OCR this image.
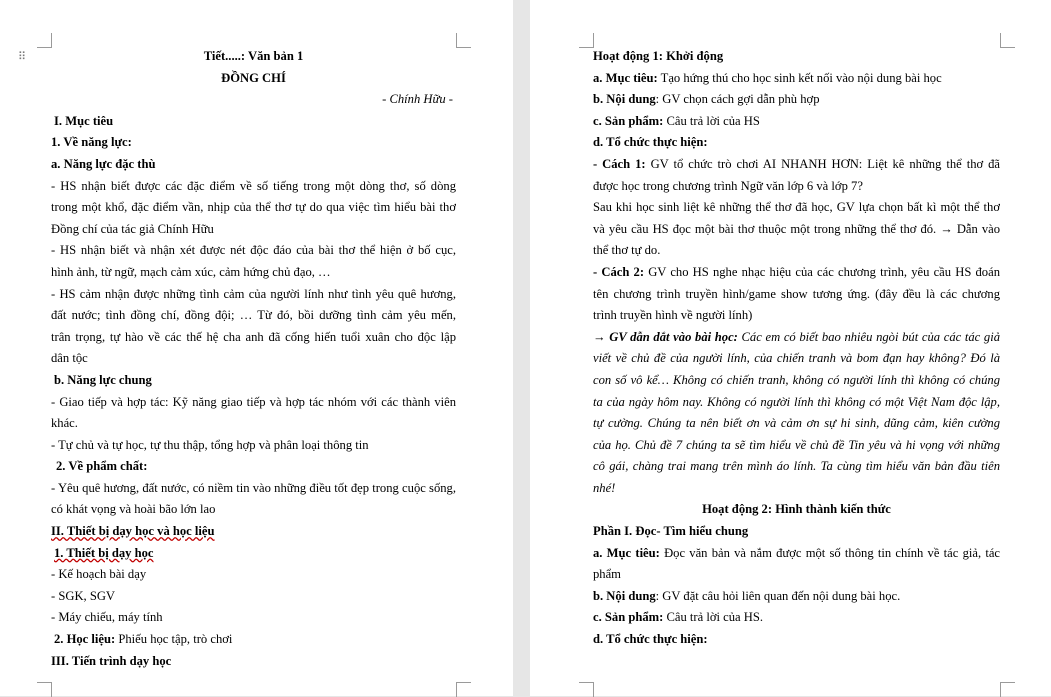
⠿	Tiết.....: Văn bản 1
ĐỒNG CHÍ
- Chính Hữu -
I. Mục tiêu
1. Về năng lực:
a. Năng lực đặc thù
- HS nhận biết được các đặc điểm về số tiếng trong một dòng thơ, số dòng
trong một khổ, đặc điểm vần, nhịp của thể thơ tự do qua việc tìm hiểu bài thơ
Đồng chí của tác giả Chính Hữu
- HS nhận biết và nhận xét được nét độc đáo của bài thơ thể hiện ở bố cục,
hình ảnh, từ ngữ, mạch cảm xúc, cảm hứng chủ đạo, …
- HS cảm nhận được những tình cảm của người lính như tình yêu quê hương,
đất nước; tình đồng chí, đồng đội; … Từ đó, bồi dưỡng tình cảm yêu mến,
trân trọng, tự hào về các thế hệ cha anh đã cống hiến tuổi xuân cho độc lập
dân tộc
b. Năng lực chung
- Giao tiếp và hợp tác: Kỹ năng giao tiếp và hợp tác nhóm với các thành viên
khác.
- Tự chủ và tự học, tự thu thập, tổng hợp và phân loại thông tin
2. Về phẩm chất:
- Yêu quê hương, đất nước, có niềm tin vào những điều tốt đẹp trong cuộc sống,
có khát vọng và hoài bão lớn lao
II. Thiết bị dạy học và học liệu
1. Thiết bị dạy học
- Kế hoạch bài dạy
- SGK, SGV
- Máy chiếu, máy tính
2. Học liệu: Phiếu học tập, trò chơi
III. Tiến trình dạy học
Hoạt động 1: Khởi động
a. Mục tiêu: Tạo hứng thú cho học sinh kết nối vào nội dung bài học
b. Nội dung: GV chọn cách gợi dẫn phù hợp
c. Sản phẩm: Câu trả lời của HS
d. Tổ chức thực hiện:
- Cách 1: GV tổ chức trò chơi AI NHANH HƠN: Liệt kê những thể thơ đã
được học trong chương trình Ngữ văn lớp 6 và lớp 7?
Sau khi học sinh liệt kê những thể thơ đã học, GV lựa chọn bất kì một thể thơ
và yêu cầu HS đọc một bài thơ thuộc một trong những thể thơ đó. → Dẫn vào
thể thơ tự do.
- Cách 2: GV cho HS nghe nhạc hiệu của các chương trình, yêu cầu HS đoán
tên chương trình truyền hình/game show tương ứng. (đây đều là các chương
trình truyền hình về người lính)
→ GV dẫn dắt vào bài học: Các em có biết bao nhiêu ngòi bút của các tác giả
viết về chủ đề của người lính, của chiến tranh và bom đạn hay không? Đó là
con số vô kể… Không có chiến tranh, không có người lính thì không có chúng
ta của ngày hôm nay. Không có người lính thì không có một Việt Nam độc lập,
tự cường. Chúng ta nên biết ơn và cảm ơn sự hi sinh, dũng cảm, kiên cường
của họ. Chủ đề 7 chúng ta sẽ tìm hiểu về chủ đề Tin yêu và hi vọng với những
cô gái, chàng trai mang trên mình áo lính. Ta cùng tìm hiểu văn bản đầu tiên
nhé!
Hoạt động 2: Hình thành kiến thức
Phần I. Đọc- Tìm hiểu chung
a. Mục tiêu: Đọc văn bản và nắm được một số thông tin chính về tác giả, tác
phẩm
b. Nội dung: GV đặt câu hỏi liên quan đến nội dung bài học.
c. Sản phẩm: Câu trả lời của HS.
d. Tổ chức thực hiện:
